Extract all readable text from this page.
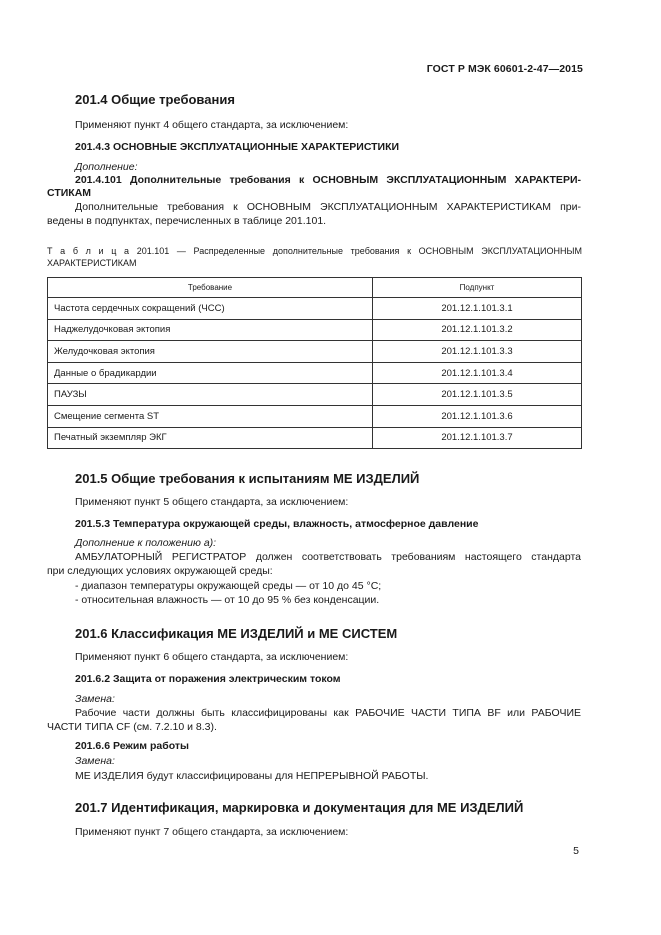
ГОСТ Р МЭК 60601-2-47—2015
201.4 Общие требования
Применяют пункт 4 общего стандарта, за исключением:
201.4.3 ОСНОВНЫЕ ЭКСПЛУАТАЦИОННЫЕ ХАРАКТЕРИСТИКИ
Дополнение:
201.4.101 Дополнительные требования к ОСНОВНЫМ ЭКСПЛУАТАЦИОННЫМ ХАРАКТЕРИ-
СТИКАМ
Дополнительные требования к ОСНОВНЫМ ЭКСПЛУАТАЦИОННЫМ ХАРАКТЕРИСТИКАМ при-
ведены в подпунктах, перечисленных в таблице 201.101.
Т а б л и ц а 201.101 — Распределенные дополнительные требования к ОСНОВНЫМ ЭКСПЛУАТАЦИОННЫМ
ХАРАКТЕРИСТИКАМ
Требование	Подпункт
Частота сердечных сокращений (ЧСС)	201.12.1.101.3.1
Наджелудочковая эктопия	201.12.1.101.3.2
Желудочковая эктопия	201.12.1.101.3.3
Данные о брадикардии	201.12.1.101.3.4
ПАУЗЫ	201.12.1.101.3.5
Смещение сегмента ST	201.12.1.101.3.6
Печатный экземпляр ЭКГ	201.12.1.101.3.7
201.5 Общие требования к испытаниям МЕ ИЗДЕЛИЙ
Применяют пункт 5 общего стандарта, за исключением:
201.5.3 Температура окружающей среды, влажность, атмосферное давление
Дополнение к положению a):
АМБУЛАТОРНЫЙ РЕГИСТРАТОР должен соответствовать требованиям настоящего стандарта
при следующих условиях окружающей среды:
- диапазон температуры окружающей среды — от 10 до 45 °С;
- относительная влажность — от 10 до 95 % без конденсации.
201.6 Классификация МЕ ИЗДЕЛИЙ и МЕ СИСТЕМ
Применяют пункт 6 общего стандарта, за исключением:
201.6.2 Защита от поражения электрическим током
Замена:
Рабочие части должны быть классифицированы как РАБОЧИЕ ЧАСТИ ТИПА BF или РАБОЧИЕ
ЧАСТИ ТИПА CF (см. 7.2.10 и 8.3).
201.6.6 Режим работы
Замена:
МЕ ИЗДЕЛИЯ будут классифицированы для НЕПРЕРЫВНОЙ РАБОТЫ.
201.7 Идентификация, маркировка и документация для МЕ ИЗДЕЛИЙ
Применяют пункт 7 общего стандарта, за исключением:
5
